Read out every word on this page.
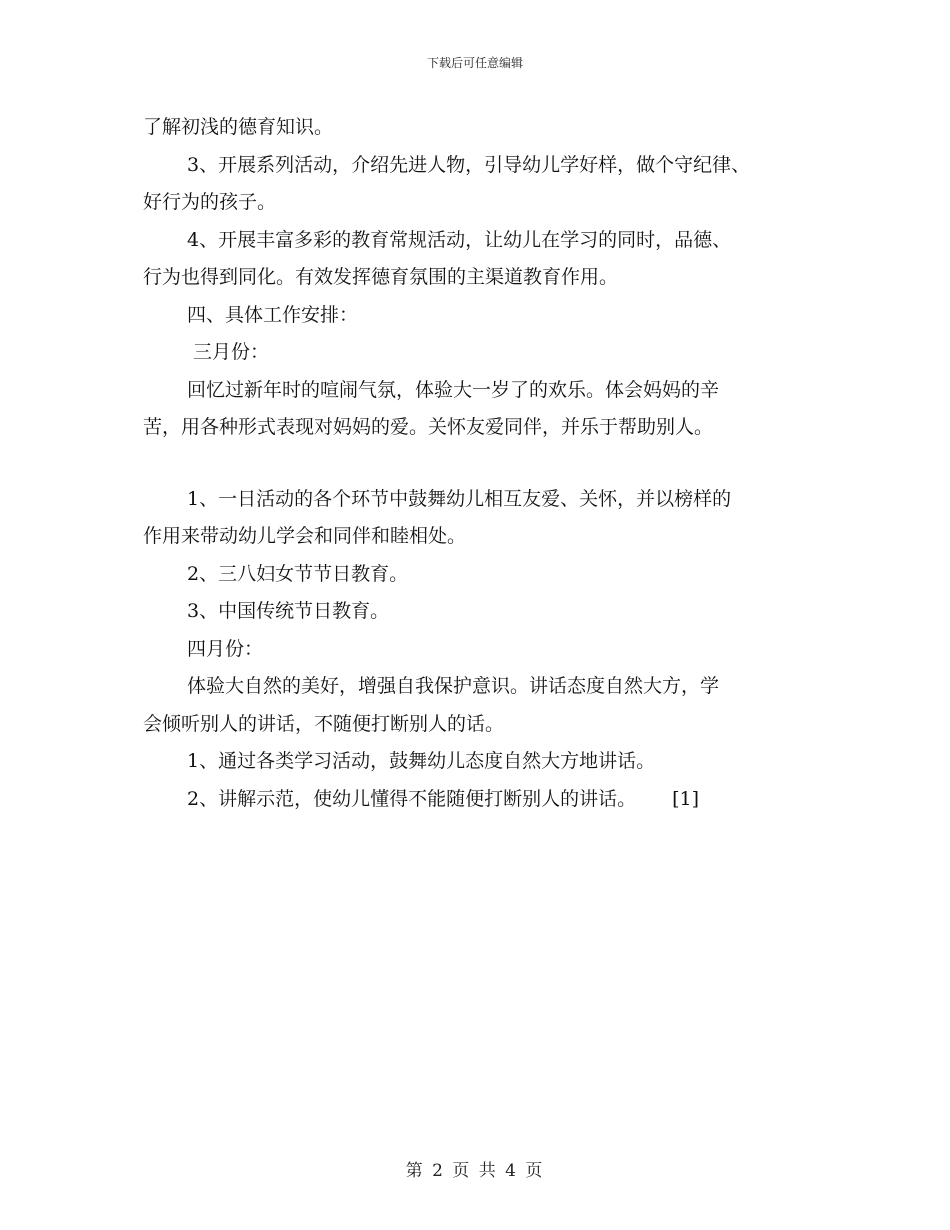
下载后可任意编辑
了解初浅的德育知识。
3、开展系列活动，介绍先进人物，引导幼儿学好样，做个守纪律、
好行为的孩子。
4、开展丰富多彩的教育常规活动，让幼儿在学习的同时，品德、
行为也得到同化。有效发挥德育氛围的主渠道教育作用。
四、具体工作安排：
三月份：
回忆过新年时的喧闹气氛，体验大一岁了的欢乐。体会妈妈的辛
苦，用各种形式表现对妈妈的爱。关怀友爱同伴，并乐于帮助别人。
1、一日活动的各个环节中鼓舞幼儿相互友爱、关怀，并以榜样的
作用来带动幼儿学会和同伴和睦相处。
2、三八妇女节节日教育。
3、中国传统节日教育。
四月份：
体验大自然的美好，增强自我保护意识。讲话态度自然大方，学
会倾听别人的讲话，不随便打断别人的话。
1、通过各类学习活动，鼓舞幼儿态度自然大方地讲话。
2、讲解示范，使幼儿懂得不能随便打断别人的讲话。 [1]
第 2 页 共 4 页
